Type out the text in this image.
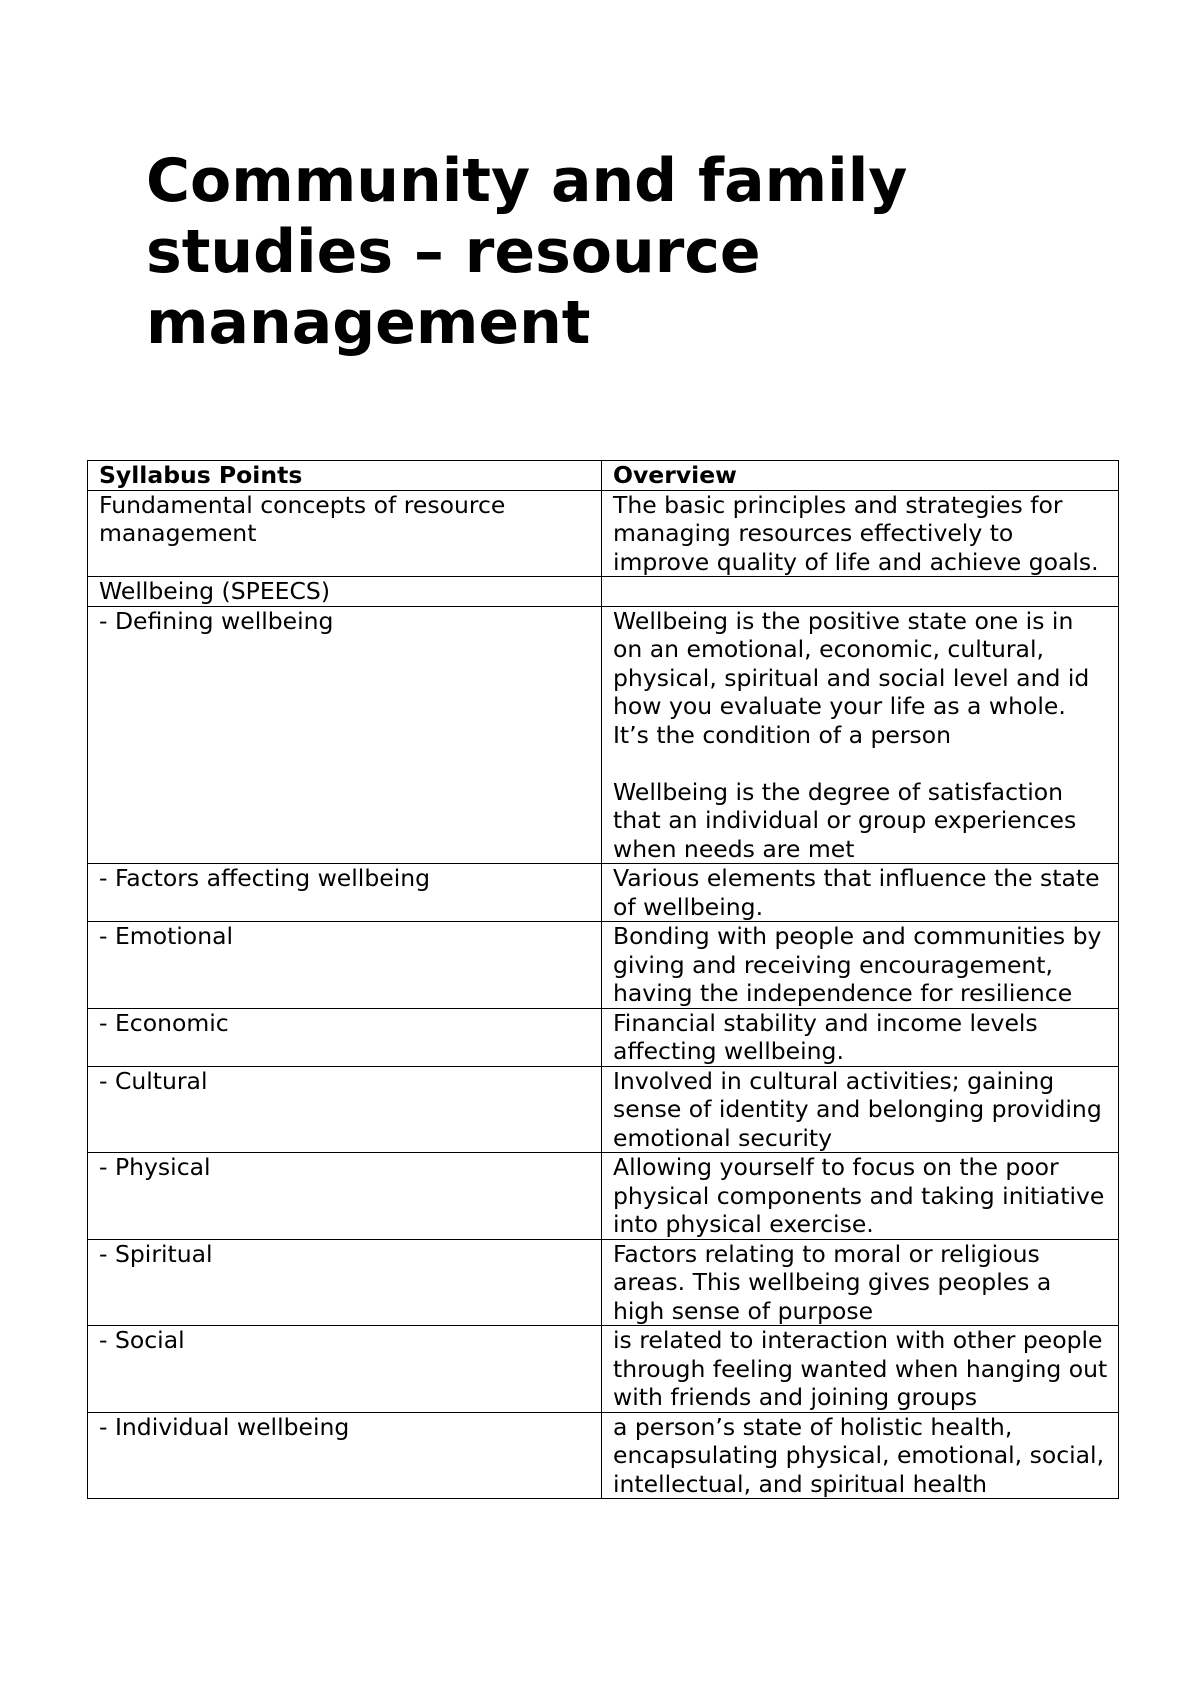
Community and family studies – resource management
Syllabus Points	Overview
Fundamental concepts of resource management	The basic principles and strategies for managing resources effectively to improve quality of life and achieve goals.
Wellbeing (SPEECS)	
- Defining wellbeing	Wellbeing is the positive state one is in on an emotional, economic, cultural, physical, spiritual and social level and id how you evaluate your life as a whole. It’s the condition of a person

Wellbeing is the degree of satisfaction that an individual or group experiences when needs are met
- Factors affecting wellbeing	Various elements that influence the state of wellbeing.
- Emotional	Bonding with people and communities by giving and receiving encouragement, having the independence for resilience
- Economic	Financial stability and income levels affecting wellbeing.
- Cultural	Involved in cultural activities; gaining sense of identity and belonging providing emotional security
- Physical	Allowing yourself to focus on the poor physical components and taking initiative into physical exercise.
- Spiritual	Factors relating to moral or religious areas. This wellbeing gives peoples a high sense of purpose
- Social	is related to interaction with other people through feeling wanted when hanging out with friends and joining groups
- Individual wellbeing	a person’s state of holistic health, encapsulating physical, emotional, social, intellectual, and spiritual health
